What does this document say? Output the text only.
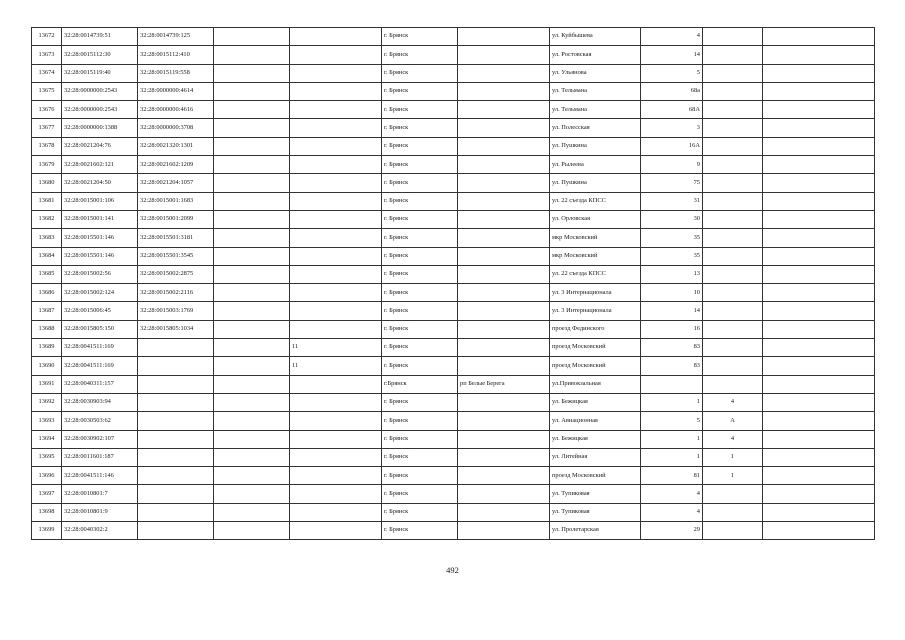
13672	32:28:0014739:51	32:28:0014739:125			г. Брянск		ул. Куйбышева	4		
13673	32:28:0015112:30	32:28:0015112:410			г. Брянск		ул. Ростовская	14		
13674	32:28:0015119:40	32:28:0015119:558			г. Брянск		ул. Ульянова	5		
13675	32:28:0000000:2543	32:28:0000000:4614			г. Брянск		ул. Тельмана	68а		
13676	32:28:0000000:2543	32:28:0000000:4616			г. Брянск		ул. Тельмана	68А		
13677	32:28:0000000:1388	32:28:0000000:3708			г. Брянск		ул. Полесская	3		
13678	32:28:0021204:76	32:28:0021320:1301			г. Брянск		ул. Пушкина	16А		
13679	32:28:0021602:121	32:28:0021602:1209			г. Брянск		ул. Рылеева	9		
13680	32:28:0021204:50	32:28:0021204:1057			г. Брянск		ул. Пушкина	75		
13681	32:28:0015001:106	32:28:0015001:1683			г. Брянск		ул. 22 съезда КПСС	31		
13682	32:28:0015001:141	32:28:0015001:2099			г. Брянск		ул. Орловская	30		
13683	32:28:0015501:146	32:28:0015501:3181			г. Брянск		мкр Московский	35		
13684	32:28:0015501:146	32:28:0015501:3545			г. Брянск		мкр Московский	35		
13685	32:28:0015002:56	32:28:0015002:2875			г. Брянск		ул. 22 съезда КПСС	13		
13686	32:28:0015002:124	32:28:0015002:2116			г. Брянск		ул. 3 Интернационала	10		
13687	32:28:0015006:45	32:28:0015003:1769			г. Брянск		ул. 3 Интернационала	14		
13688	32:28:0015805:150	32:28:0015805:1034			г. Брянск		проезд Фединского	16		
13689	32:28:0041511:169			11	г. Брянск		проезд Московский	83		
13690	32:28:0041511:169			11	г. Брянск		проезд Московский	83		
13691	32:28:0040311:157				г.Брянск	рп Белые Берега	ул.Привокзальная			
13692	32:28:0030903:94				г. Брянск		ул. Бежицкая	1	4	
13693	32:28:0030503:62				г. Брянск		ул. Авиационная	5	А	
13694	32:28:0030902:107				г. Брянск		ул. Бежицкая	1	4	
13695	32:28:0011601:187				г. Брянск		ул. Литейная	1	1	
13696	32:28:0041511:146				г. Брянск		проезд Московский	81	1	
13697	32:28:0010801:7				г. Брянск		ул. Тупиковая	4		
13698	32:28:0010801:9				г. Брянск		ул. Тупиковая	4		
13699	32:28:0040302:2				г. Брянск		ул. Пролетарская	29		
492
